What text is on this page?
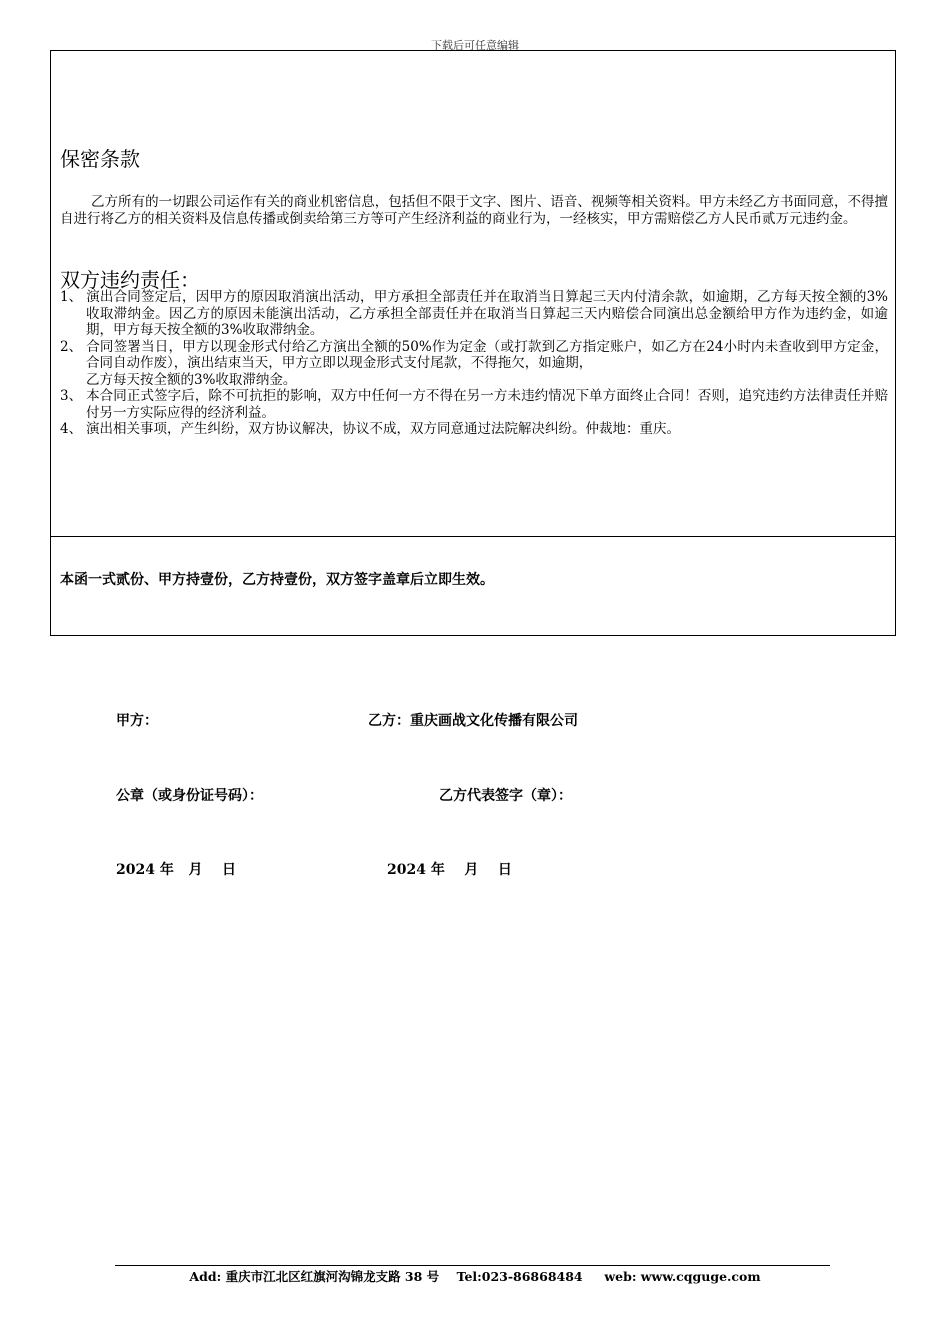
下载后可任意编辑
保密条款

乙方所有的一切跟公司运作有关的商业机密信息，包括但不限于文字、图片、语音、视频等相关资料。甲方未经乙方书面同意，不得擅自进行将乙方的相关资料及信息传播或倒卖给第三方等可产生经济利益的商业行为，一经核实，甲方需赔偿乙方人民币贰万元违约金。

双方违约责任：
1、 演出合同签定后，因甲方的原因取消演出活动，甲方承担全部责任并在取消当日算起三天内付清余款，如逾期，乙方每天按全额的3%收取滞纳金。因乙方的原因未能演出活动，乙方承担全部责任并在取消当日算起三天内赔偿合同演出总金额给甲方作为违约金，如逾期，甲方每天按全额的3%收取滞纳金。
2、 合同签署当日，甲方以现金形式付给乙方演出全额的50%作为定金（或打款到乙方指定账户，如乙方在24小时内未查收到甲方定金，合同自动作废），演出结束当天，甲方立即以现金形式支付尾款，不得拖欠，如逾期，
乙方每天按全额的3%收取滞纳金。
3、 本合同正式签字后，除不可抗拒的影响，双方中任何一方不得在另一方未违约情况下单方面终止合同！否则，追究违约方法律责任并赔付另一方实际应得的经济利益。
4、 演出相关事项，产生纠纷，双方协议解决，协议不成，双方同意通过法院解决纠纷。仲裁地：重庆。
本函一式贰份、甲方持壹份，乙方持壹份，双方签字盖章后立即生效。
甲方：	乙方：重庆画战文化传播有限公司
公章（或身份证号码）：	乙方代表签字（章）：
2024 年   月    日	2024 年    月    日
Add: 重庆市江北区红旗河沟锦龙支路 38 号    Tel:023-86868484     web: www.cqguge.com
